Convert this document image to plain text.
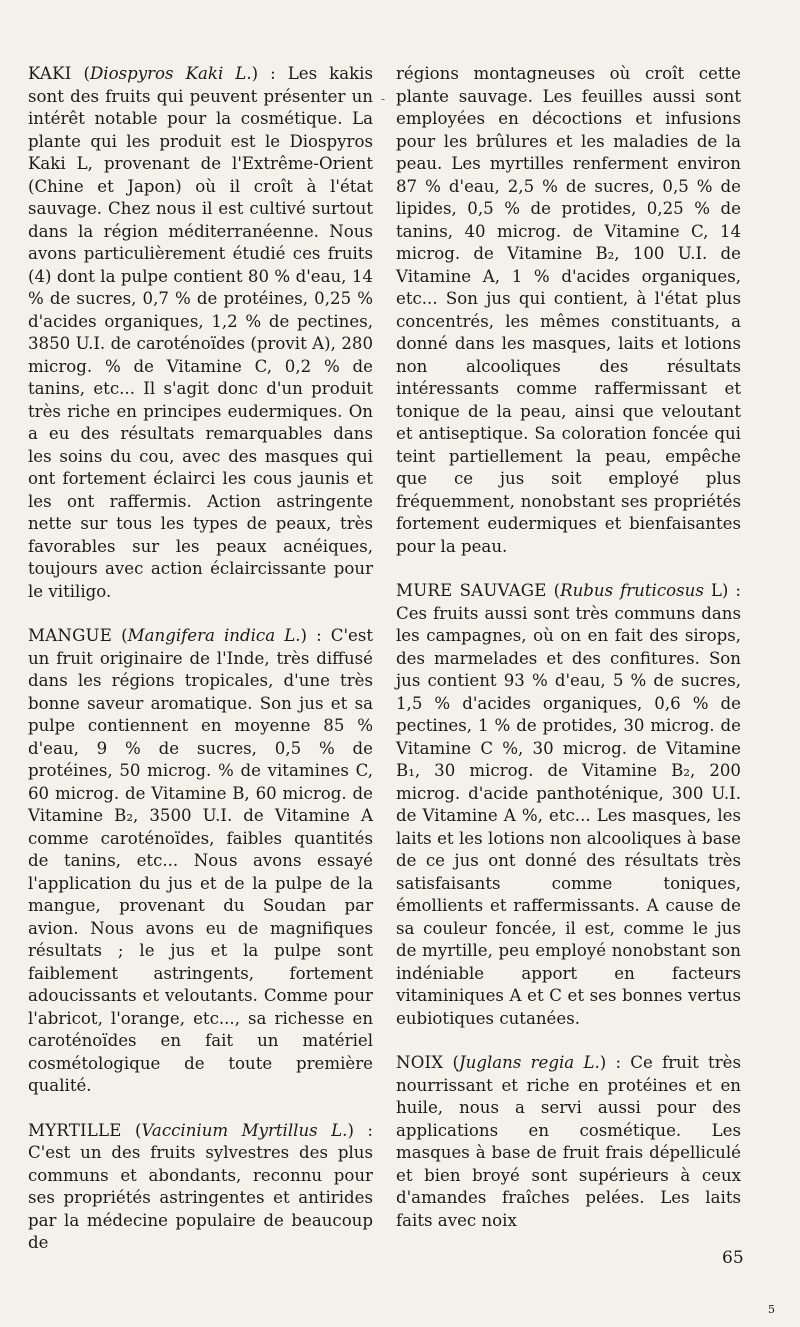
KAKI (Diospyros Kaki L.) : Les kakis sont des fruits qui peuvent présenter un intérêt notable pour la cosmétique. La plante qui les produit est le Diospyros Kaki L, provenant de l'Extrême-Orient (Chine et Japon) où il croît à l'état sauvage. Chez nous il est cultivé surtout dans la région méditerranéenne. Nous avons particulièrement étudié ces fruits (4) dont la pulpe contient 80 % d'eau, 14 % de sucres, 0,7 % de protéines, 0,25 % d'acides organiques, 1,2 % de pectines, 3850 U.I. de caroténoïdes (provit A), 280 microg. % de Vitamine C, 0,2 % de tanins, etc... Il s'agit donc d'un produit très riche en principes eudermiques. On a eu des résultats remarquables dans les soins du cou, avec des masques qui ont fortement éclairci les cous jaunis et les ont raffermis. Action astringente nette sur tous les types de peaux, très favorables sur les peaux acnéiques, toujours avec action éclaircissante pour le vitiligo.

MANGUE (Mangifera indica L.) : C'est un fruit originaire de l'Inde, très diffusé dans les régions tropicales, d'une très bonne saveur aromatique. Son jus et sa pulpe contiennent en moyenne 85 % d'eau, 9 % de sucres, 0,5 % de protéines, 50 microg. % de vitamines C, 60 microg. de Vitamine B, 60 microg. de Vitamine B₂, 3500 U.I. de Vitamine A comme caroténoïdes, faibles quantités de tanins, etc... Nous avons essayé l'application du jus et de la pulpe de la mangue, provenant du Soudan par avion. Nous avons eu de magnifiques résultats ; le jus et la pulpe sont faiblement astringents, fortement adoucissants et veloutants. Comme pour l'abricot, l'orange, etc..., sa richesse en caroténoïdes en fait un matériel cosmétologique de toute première qualité.

MYRTILLE (Vaccinium Myrtillus L.) : C'est un des fruits sylvestres des plus communs et abondants, reconnu pour ses propriétés astringentes et antirides par la médecine populaire de beaucoup de

régions montagneuses où croît cette plante sauvage. Les feuilles aussi sont employées en décoctions et infusions pour les brûlures et les maladies de la peau. Les myrtilles renferment environ 87 % d'eau, 2,5 % de sucres, 0,5 % de lipides, 0,5 % de protides, 0,25 % de tanins, 40 microg. de Vitamine C, 14 microg. de Vitamine B₂, 100 U.I. de Vitamine A, 1 % d'acides organiques, etc... Son jus qui contient, à l'état plus concentrés, les mêmes constituants, a donné dans les masques, laits et lotions non alcooliques des résultats intéressants comme raffermissant et tonique de la peau, ainsi que veloutant et antiseptique. Sa coloration foncée qui teint partiellement la peau, empêche que ce jus soit employé plus fréquemment, nonobstant ses propriétés fortement eudermiques et bienfaisantes pour la peau.

MURE SAUVAGE (Rubus fruticosus L) : Ces fruits aussi sont très communs dans les campagnes, où on en fait des sirops, des marmelades et des confitures. Son jus contient 93 % d'eau, 5 % de sucres, 1,5 % d'acides organiques, 0,6 % de pectines, 1 % de protides, 30 microg. de Vitamine C %, 30 microg. de Vitamine B₁, 30 microg. de Vitamine B₂, 200 microg. d'acide panthoténique, 300 U.I. de Vitamine A %, etc... Les masques, les laits et les lotions non alcooliques à base de ce jus ont donné des résultats très satisfaisants comme toniques, émollients et raffermissants. A cause de sa couleur foncée, il est, comme le jus de myrtille, peu employé nonobstant son indéniable apport en facteurs vitaminiques A et C et ses bonnes vertus eubiotiques cutanées.

NOIX (Juglans regia L.) : Ce fruit très nourrissant et riche en protéines et en huile, nous a servi aussi pour des applications en cosmétique. Les masques à base de fruit frais dépelliculé et bien broyé sont supérieurs à ceux d'amandes fraîches pelées. Les laits faits avec noix

-
65
5
